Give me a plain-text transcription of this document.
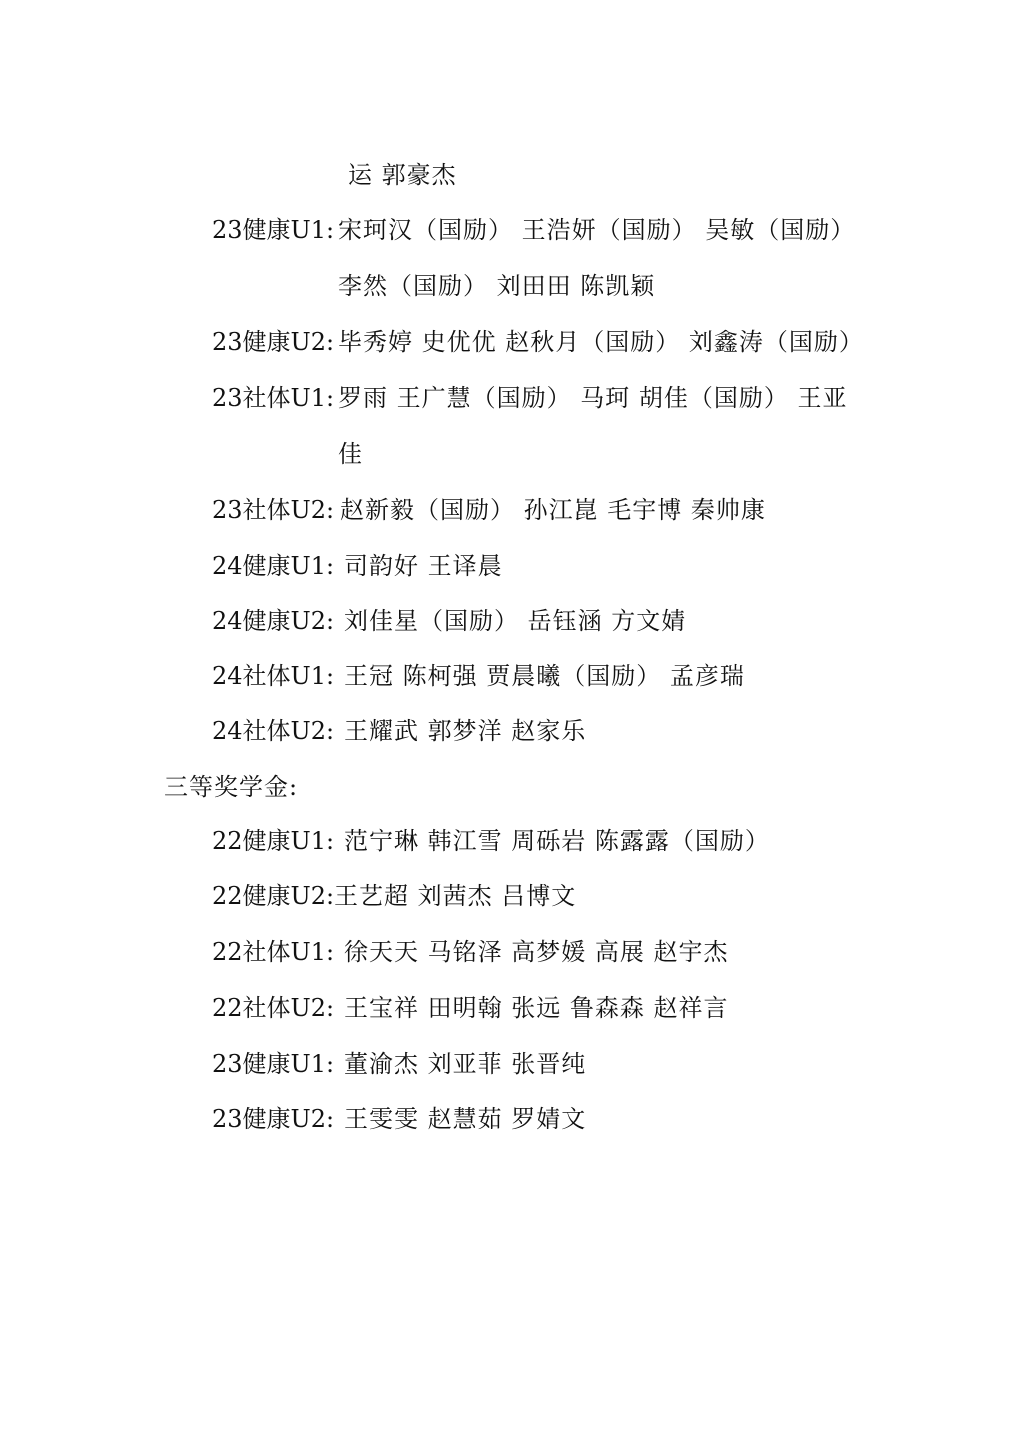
运 郭豪杰
23健康U1: 宋珂汉（国励） 王浩妍（国励） 吴敏（国励）
李然（国励） 刘田田 陈凯颖
23健康U2: 毕秀婷 史优优 赵秋月（国励） 刘鑫涛（国励）
23社体U1: 罗雨 王广慧（国励） 马珂 胡佳（国励） 王亚
佳
23社体U2: 赵新毅（国励） 孙江崑 毛宇博 秦帅康
24健康U1: 司韵好 王译晨
24健康U2: 刘佳星（国励） 岳钰涵 方文婧
24社体U1: 王冠 陈柯强 贾晨曦（国励） 孟彦瑞
24社体U2: 王耀武 郭梦洋 赵家乐
三等奖学金:
22健康U1: 范宁琳 韩江雪 周砾岩 陈露露（国励）
22健康U2: 王艺超 刘茜杰 吕博文
22社体U1: 徐天天 马铭泽 高梦媛 高展 赵宇杰
22社体U2: 王宝祥 田明翰 张远 鲁森森 赵祥言
23健康U1: 董渝杰 刘亚菲 张晋纯
23健康U2: 王雯雯 赵慧茹 罗婧文
